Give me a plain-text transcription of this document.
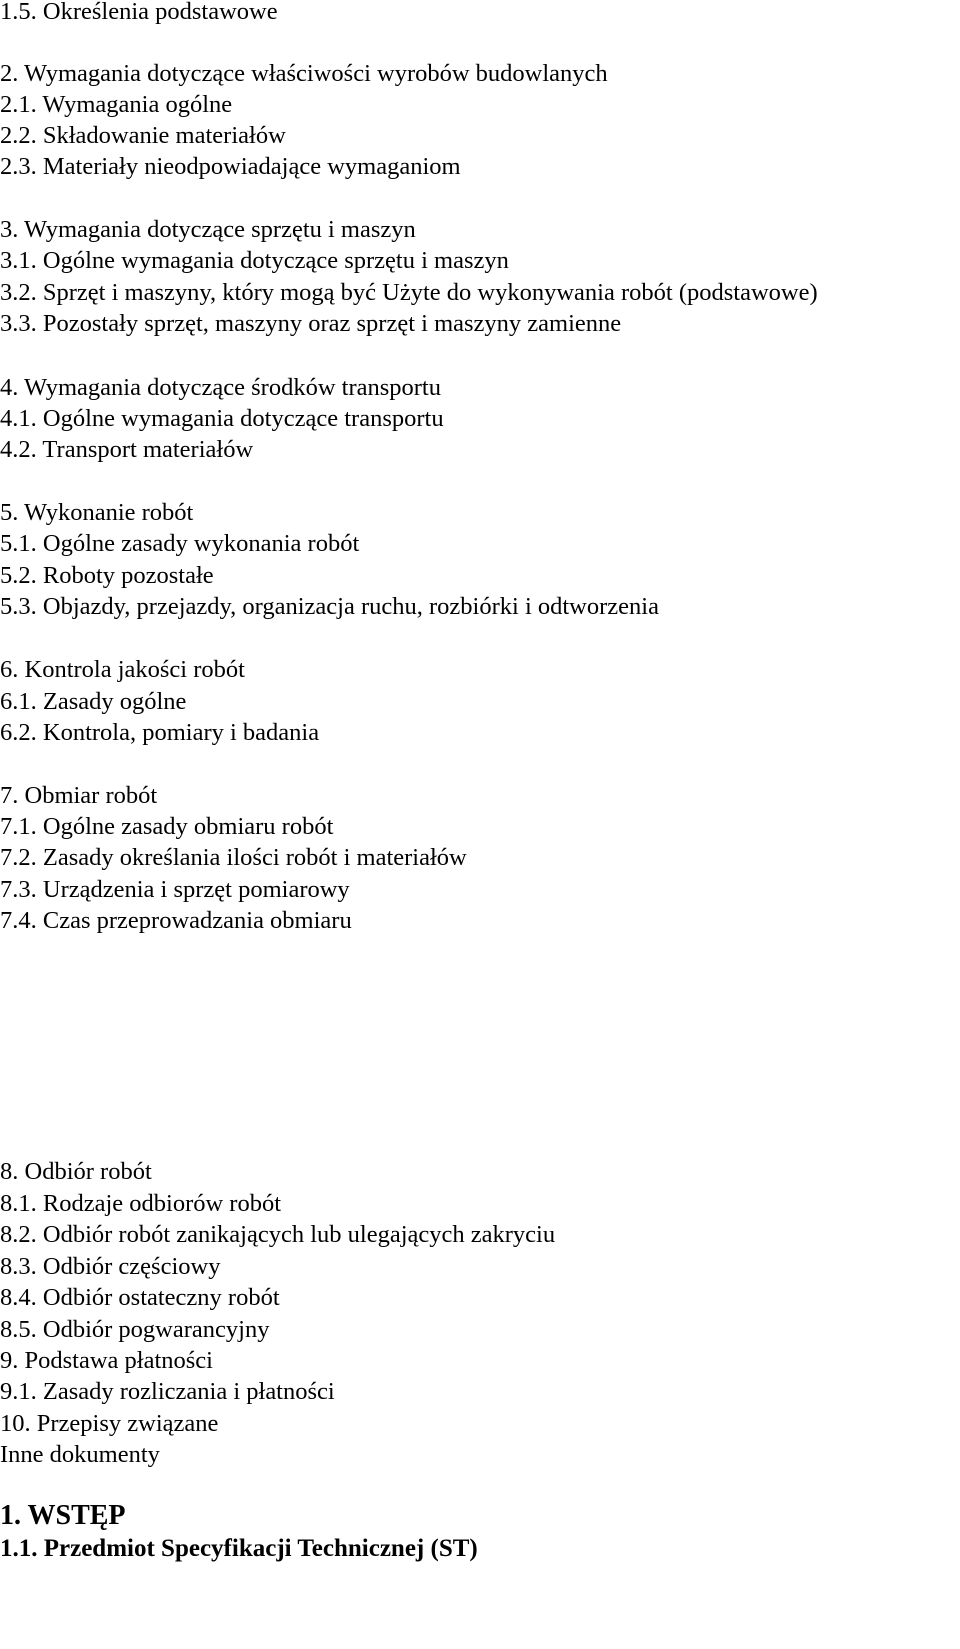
1.5. Określenia podstawowe
2. Wymagania dotyczące właściwości wyrobów budowlanych
2.1. Wymagania ogólne
2.2. Składowanie materiałów
2.3. Materiały nieodpowiadające wymaganiom
3. Wymagania dotyczące sprzętu i maszyn
3.1. Ogólne wymagania dotyczące sprzętu i maszyn
3.2. Sprzęt i maszyny, który mogą być Użyte do wykonywania robót (podstawowe)
3.3. Pozostały sprzęt, maszyny oraz sprzęt i maszyny zamienne
4. Wymagania dotyczące środków transportu
4.1. Ogólne wymagania dotyczące transportu
4.2. Transport materiałów
5. Wykonanie robót
5.1. Ogólne zasady wykonania robót
5.2. Roboty pozostałe
5.3. Objazdy, przejazdy, organizacja ruchu, rozbiórki i odtworzenia
6. Kontrola jakości robót
6.1. Zasady ogólne
6.2. Kontrola, pomiary i badania
7. Obmiar robót
7.1. Ogólne zasady obmiaru robót
7.2. Zasady określania ilości robót i materiałów
7.3. Urządzenia i sprzęt pomiarowy
7.4. Czas przeprowadzania obmiaru
8. Odbiór robót
8.1. Rodzaje odbiorów robót
8.2. Odbiór robót zanikających lub ulegających zakryciu
8.3. Odbiór częściowy
8.4. Odbiór ostateczny robót
8.5. Odbiór pogwarancyjny
9. Podstawa płatności
9.1. Zasady rozliczania i płatności
10. Przepisy związane
Inne dokumenty
1. WSTĘP
1.1. Przedmiot Specyfikacji Technicznej (ST)
